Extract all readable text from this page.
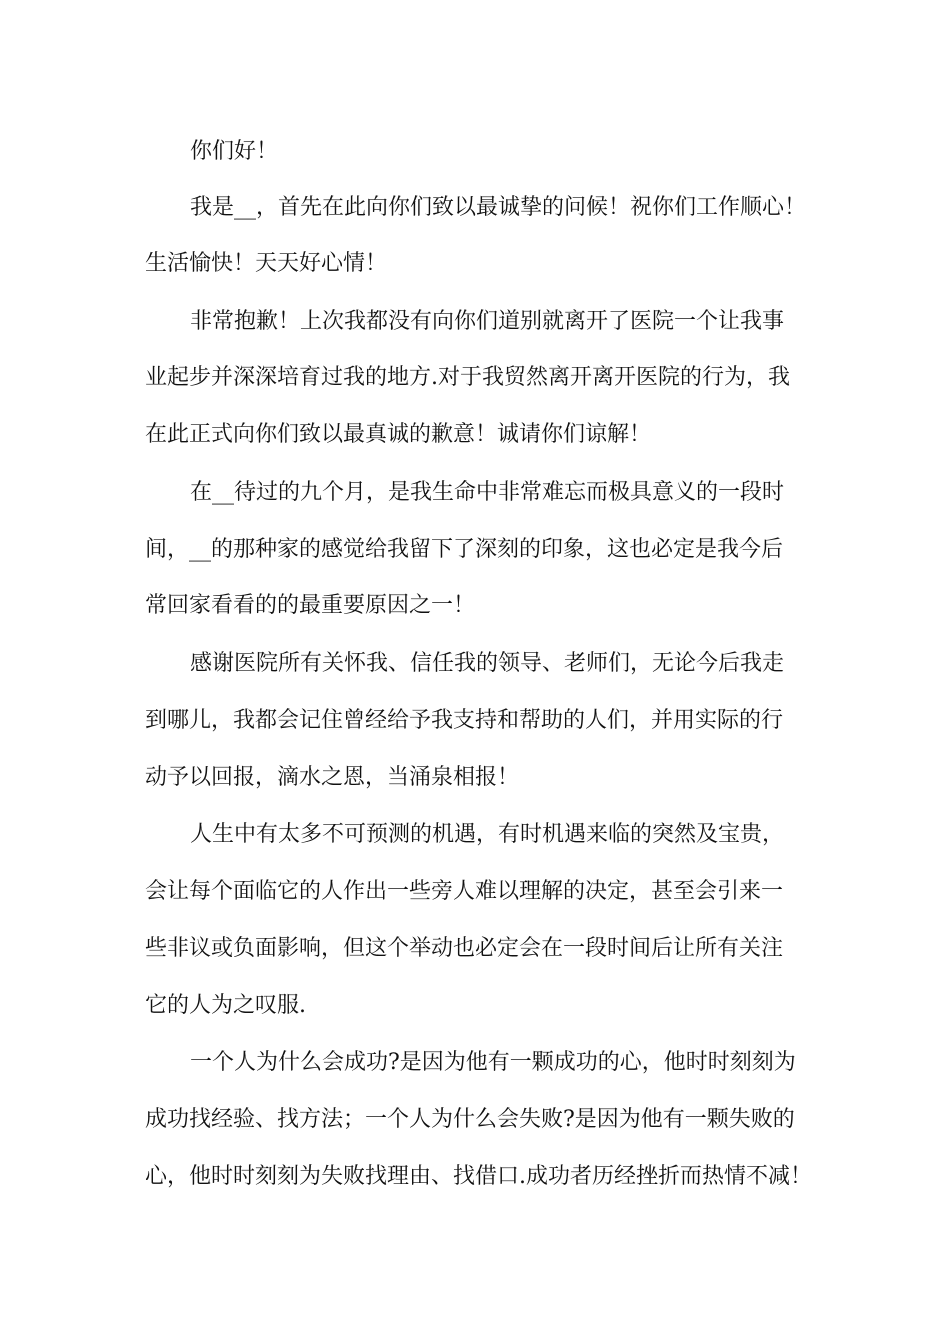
你们好！
我是__，首先在此向你们致以最诚挚的问候！祝你们工作顺心！
生活愉快！天天好心情！
非常抱歉！上次我都没有向你们道别就离开了医院一个让我事
业起步并深深培育过我的地方.对于我贸然离开离开医院的行为，我
在此正式向你们致以最真诚的歉意！诚请你们谅解！
在__待过的九个月，是我生命中非常难忘而极具意义的一段时
间，__的那种家的感觉给我留下了深刻的印象，这也必定是我今后
常回家看看的的最重要原因之一！
感谢医院所有关怀我、信任我的领导、老师们，无论今后我走
到哪儿，我都会记住曾经给予我支持和帮助的人们，并用实际的行
动予以回报，滴水之恩，当涌泉相报！
人生中有太多不可预测的机遇，有时机遇来临的突然及宝贵，
会让每个面临它的人作出一些旁人难以理解的决定，甚至会引来一
些非议或负面影响，但这个举动也必定会在一段时间后让所有关注
它的人为之叹服.
一个人为什么会成功?是因为他有一颗成功的心，他时时刻刻为
成功找经验、找方法；一个人为什么会失败?是因为他有一颗失败的
心，他时时刻刻为失败找理由、找借口.成功者历经挫折而热情不减！
